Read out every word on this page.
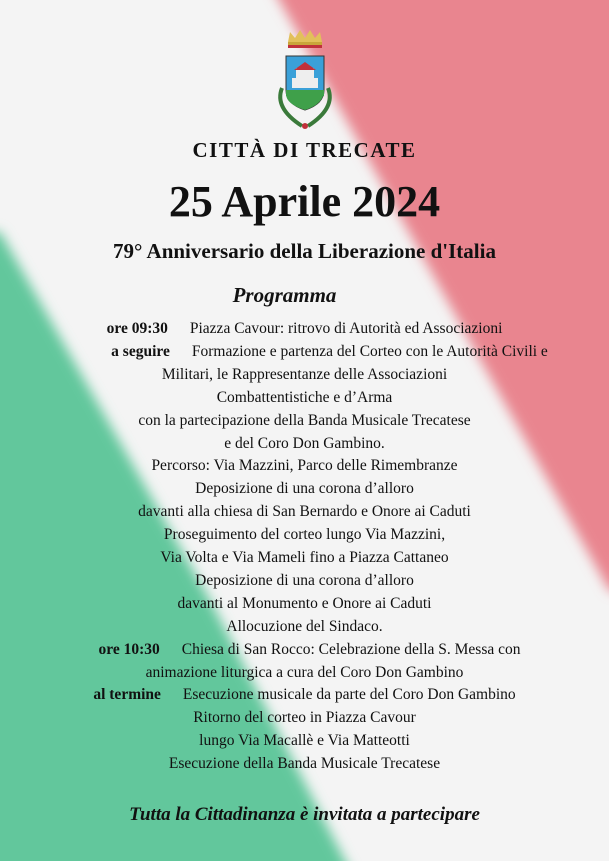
CITTÀ DI TRECATE
25 Aprile 2024
79° Anniversario della Liberazione d'Italia
Programma
ore 09:30 Piazza Cavour: ritrovo di Autorità ed Associazioni
a seguire Formazione e partenza del Corteo con le Autorità Civili e
Militari, le Rappresentanze delle Associazioni
Combattentistiche e d’Arma
con la partecipazione della Banda Musicale Trecatese
e del Coro Don Gambino.
Percorso: Via Mazzini, Parco delle Rimembranze
Deposizione di una corona d’alloro
davanti alla chiesa di San Bernardo e Onore ai Caduti
Proseguimento del corteo lungo Via Mazzini,
Via Volta e Via Mameli fino a Piazza Cattaneo
Deposizione di una corona d’alloro
davanti al Monumento e Onore ai Caduti
Allocuzione del Sindaco.
ore 10:30 Chiesa di San Rocco: Celebrazione della S. Messa con
animazione liturgica a cura del Coro Don Gambino
al termine Esecuzione musicale da parte del Coro Don Gambino
Ritorno del corteo in Piazza Cavour
lungo Via Macallè e Via Matteotti
Esecuzione della Banda Musicale Trecatese
Tutta la Cittadinanza è invitata a partecipare
